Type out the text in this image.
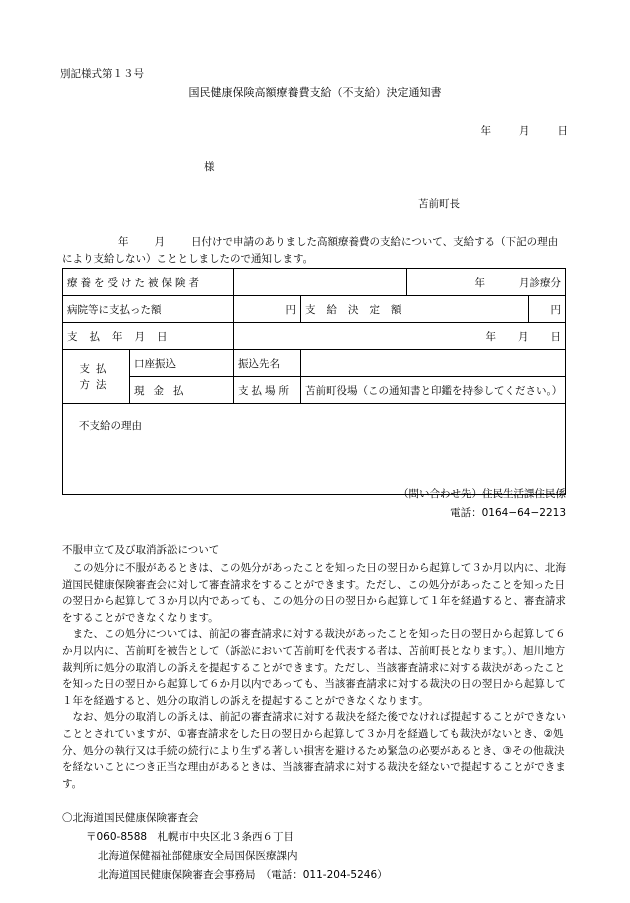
別記様式第１３号
国民健康保険高額療養費支給（不支給）決定通知書
年	月	日
様
苫前町長
年 月 日付けで申請のありました高額療養費の支給について、支給する（下記の理由により支給しない）こととしましたので通知します。
療養を受けた被保険者				年 月診療分	
病院等に支払った額		円	支給決定額		円
支払年月日		年 月 日			

支払
方法	口座振込	振込先名			
	現金払	支払場所	苫前町役場（この通知書と印鑑を持参してください。）		
不支給の理由					
（問い合わせ先）住民生活課住民係
電話：0164−64−2213
不服申立て及び取消訴訟について

この処分に不服があるときは、この処分があったことを知った日の翌日から起算して３か月以内に、北海道国民健康保険審査会に対して審査請求をすることができます。ただし、この処分があったことを知った日の翌日から起算して３か月以内であっても、この処分の日の翌日から起算して１年を経過すると、審査請求をすることができなくなります。

また、この処分については、前記の審査請求に対する裁決があったことを知った日の翌日から起算して６か月以内に、苫前町を被告として（訴訟において苫前町を代表する者は、苫前町長となります。）、旭川地方裁判所に処分の取消しの訴えを提起することができます。ただし、当該審査請求に対する裁決があったことを知った日の翌日から起算して６か月以内であっても、当該審査請求に対する裁決の日の翌日から起算して１年を経過すると、処分の取消しの訴えを提起することができなくなります。

なお、処分の取消しの訴えは、前記の審査請求に対する裁決を経た後でなければ提起することができないこととされていますが、①審査請求をした日の翌日から起算して３か月を経過しても裁決がないとき、②処分、処分の執行又は手続の続行により生ずる著しい損害を避けるため緊急の必要があるとき、③その他裁決を経ないことにつき正当な理由があるときは、当該審査請求に対する裁決を経ないで提起することができます。

〇北海道国民健康保険審査会
〒060-8588　札幌市中央区北３条西６丁目
北海道保健福祉部健康安全局国保医療課内
北海道国民健康保険審査会事務局　（電話：011-204-5246）
